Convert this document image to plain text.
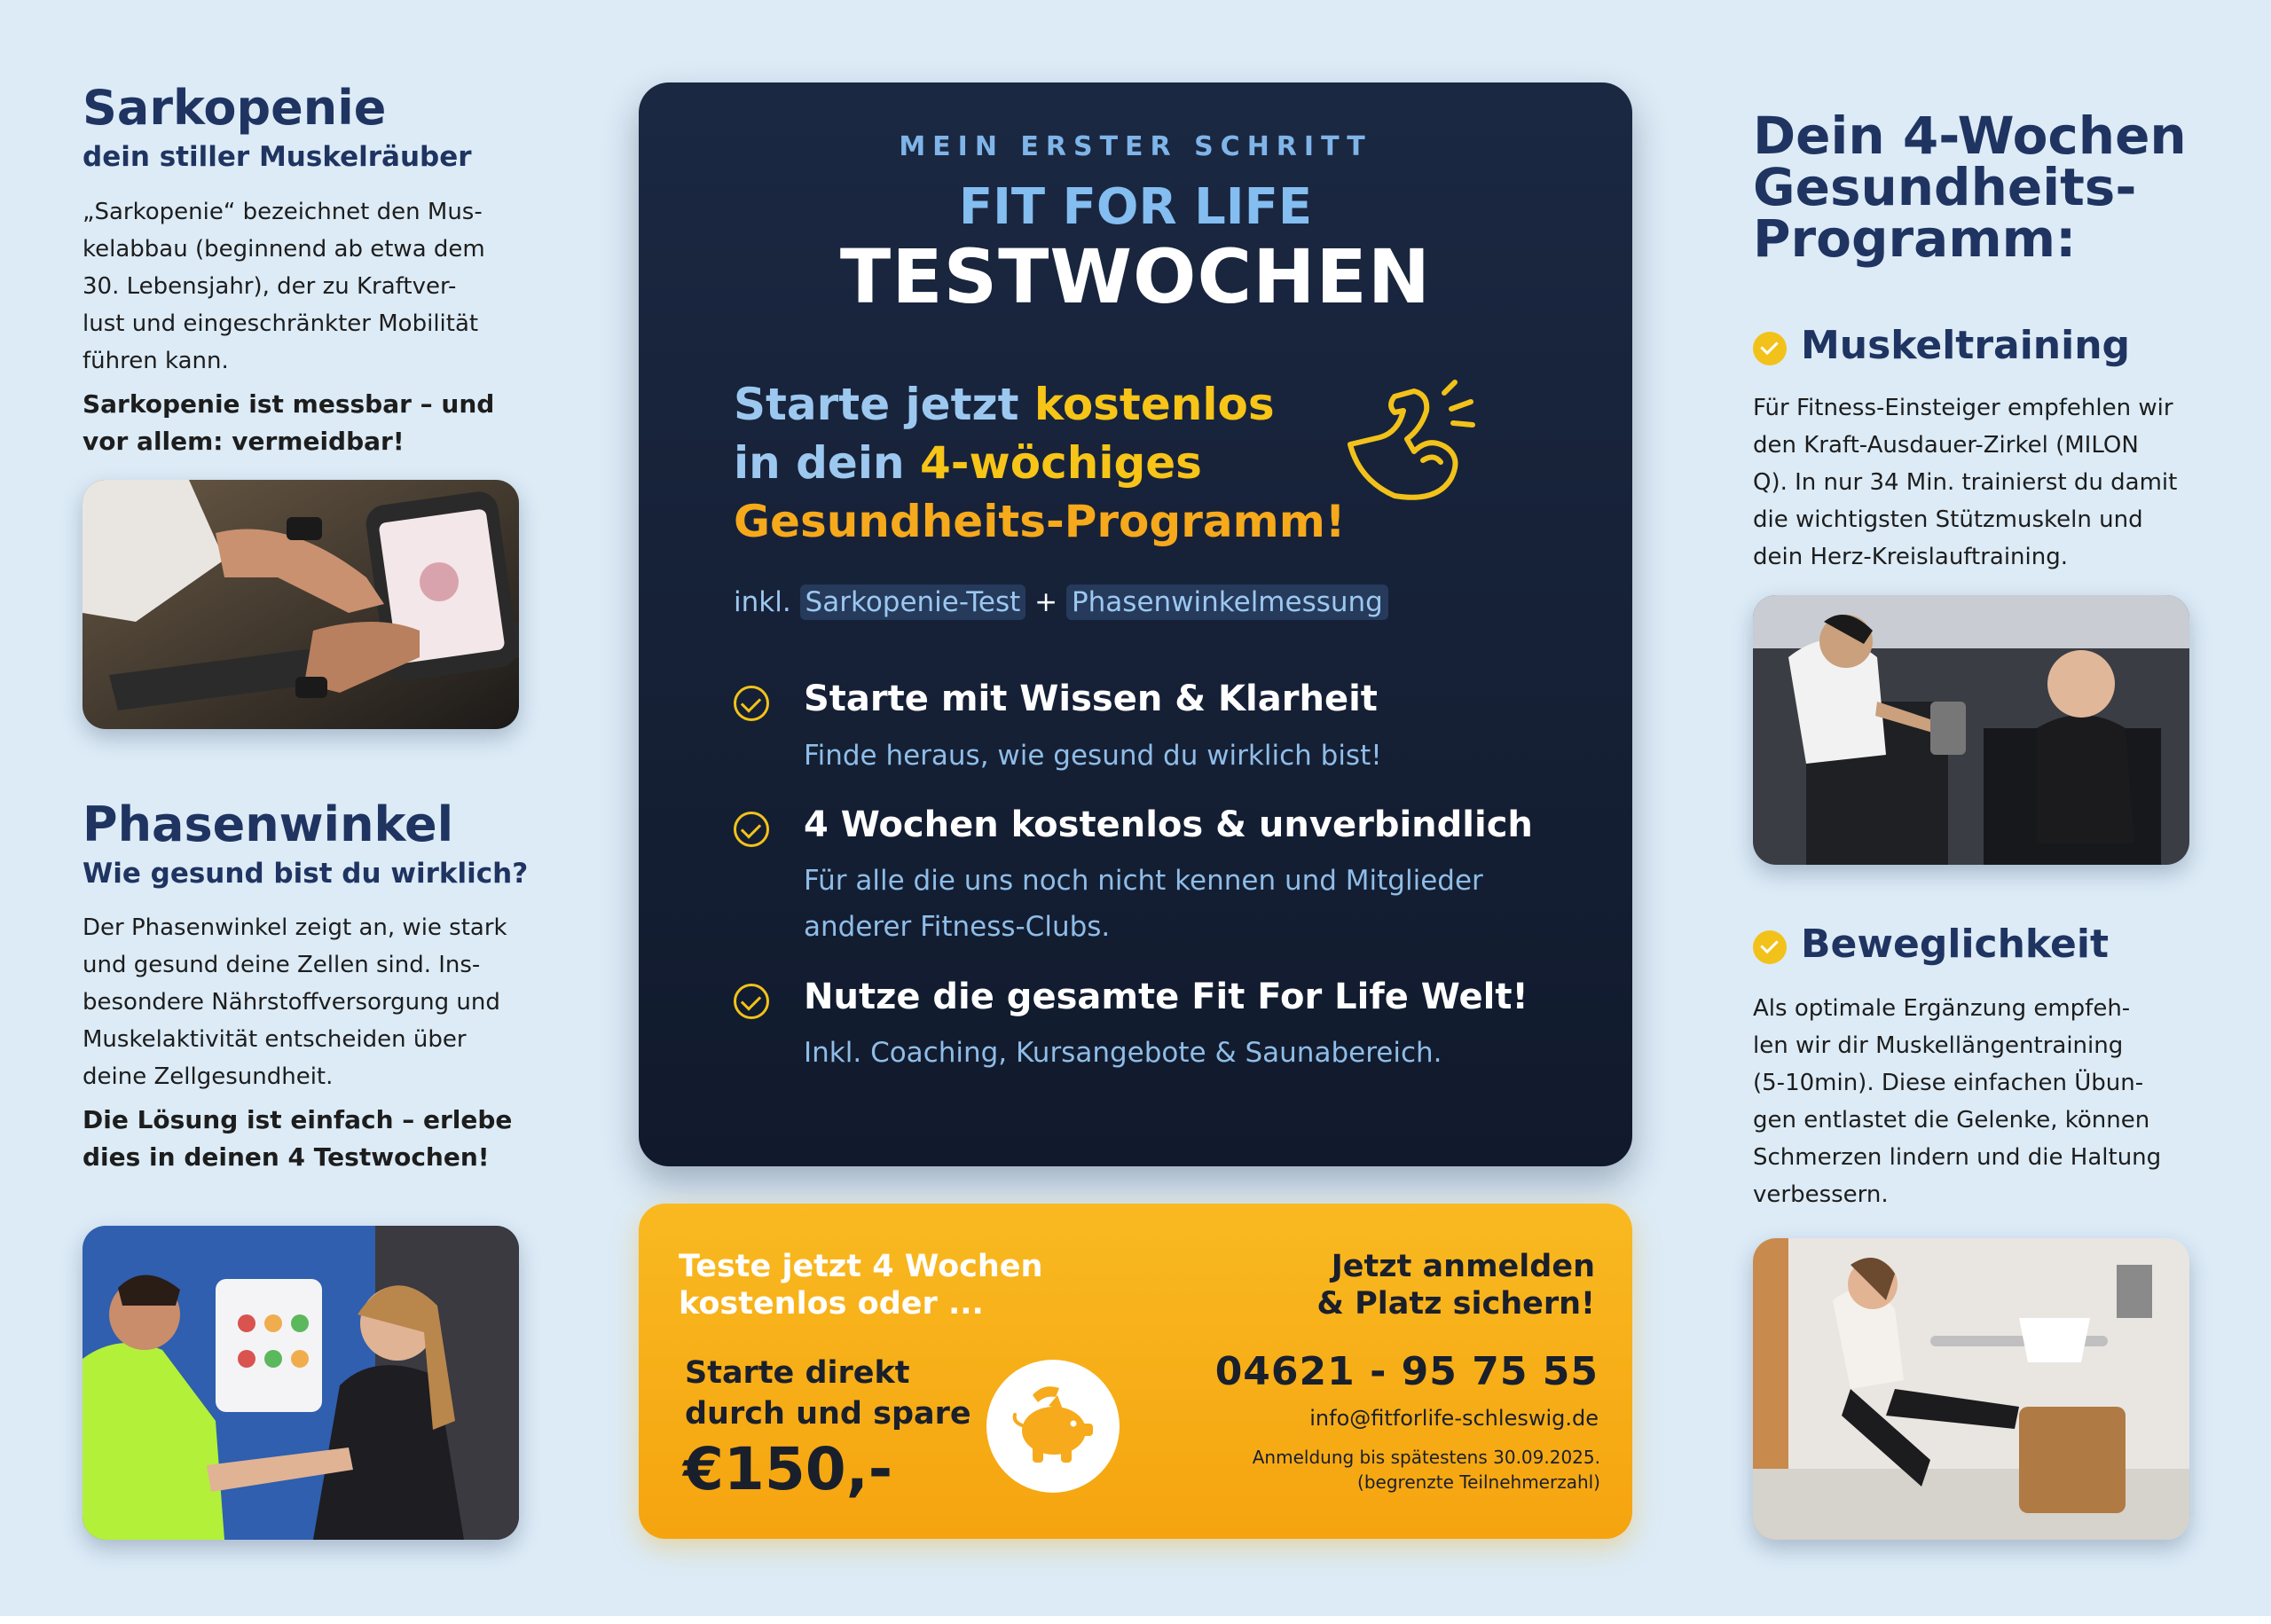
Sarkopenie
dein stiller Muskelräuber
„Sarkopenie“ bezeichnet den Mus-
kelabbau (beginnend ab etwa dem
30. Lebensjahr), der zu Kraftver-
lust und eingeschränkter Mobilität
führen kann.
Sarkopenie ist messbar – und
vor allem: vermeidbar!
Phasenwinkel
Wie gesund bist du wirklich?
Der Phasenwinkel zeigt an, wie stark
und gesund deine Zellen sind. Ins-
besondere Nährstoffversorgung und
Muskelaktivität entscheiden über
deine Zellgesundheit.
Die Lösung ist einfach – erlebe
dies in deinen 4 Testwochen!
MEIN ERSTER SCHRITT
FIT FOR LIFE
TESTWOCHEN
Starte jetzt kostenlos
in dein 4-wöchiges
Gesundheits-Programm!
inkl. Sarkopenie-Test + Phasenwinkelmessung
Starte mit Wissen & Klarheit
Finde heraus, wie gesund du wirklich bist!
4 Wochen kostenlos & unverbindlich
Für alle die uns noch nicht kennen und Mitglieder
anderer Fitness-Clubs.
Nutze die gesamte Fit For Life Welt!
Inkl. Coaching, Kursangebote & Saunabereich.
Teste jetzt 4 Wochen
kostenlos oder ...
Starte direkt
durch und spare
€150,-
Jetzt anmelden
& Platz sichern!
04621 - 95 75 55
info@fitforlife-schleswig.de
Anmeldung bis spätestens 30.09.2025.
(begrenzte Teilnehmerzahl)
Dein 4-Wochen
Gesundheits-
Programm:
Muskeltraining
Für Fitness-Einsteiger empfehlen wir
den Kraft-Ausdauer-Zirkel (MILON
Q). In nur 34 Min. trainierst du damit
die wichtigsten Stützmuskeln und
dein Herz-Kreislauftraining.
Beweglichkeit
Als optimale Ergänzung empfeh-
len wir dir Muskellängentraining
(5-10min). Diese einfachen Übun-
gen entlastet die Gelenke, können
Schmerzen lindern und die Haltung
verbessern.
